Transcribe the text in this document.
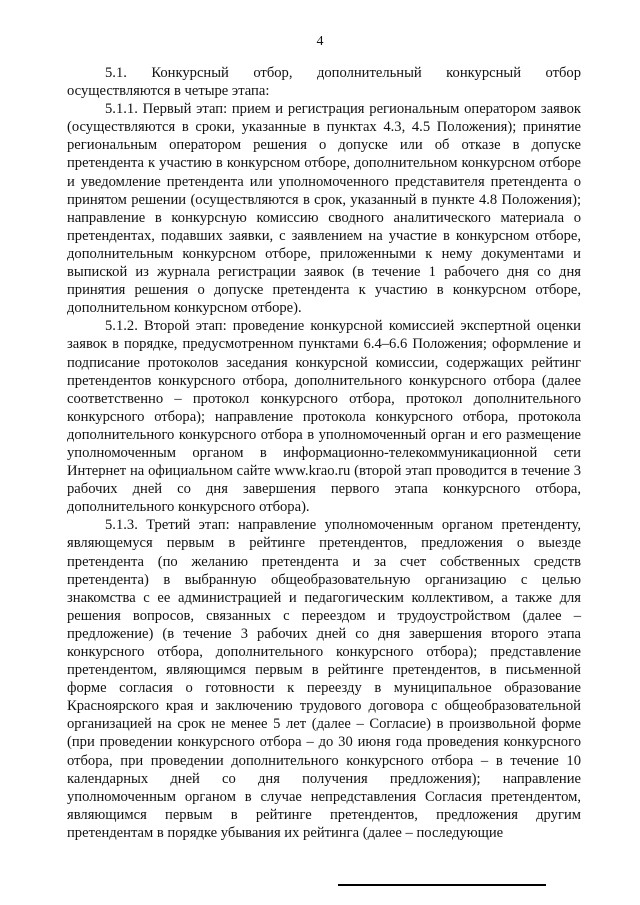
4

5.1. Конкурсный отбор, дополнительный конкурсный отбор осуществляются в четыре этапа:

5.1.1. Первый этап: прием и регистрация региональным оператором заявок (осуществляются в сроки, указанные в пунктах 4.3, 4.5 Положения); принятие региональным оператором решения о допуске или об отказе в допуске претендента к участию в конкурсном отборе, дополнительном конкурсном отборе и уведомление претендента или уполномоченного представителя претендента о принятом решении (осуществляются в срок, указанный в пункте 4.8 Положения); направление в конкурсную комиссию сводного аналитического материала о претендентах, подавших заявки, с заявлением на участие в конкурсном отборе, дополнительным конкурсном отборе, приложенными к нему документами и выпиской из журнала регистрации заявок (в течение 1 рабочего дня со дня принятия решения о допуске претендента к участию в конкурсном отборе, дополнительном конкурсном отборе).

5.1.2. Второй этап: проведение конкурсной комиссией экспертной оценки заявок в порядке, предусмотренном пунктами 6.4–6.6 Положения; оформление и подписание протоколов заседания конкурсной комиссии, содержащих рейтинг претендентов конкурсного отбора, дополнительного конкурсного отбора (далее соответственно – протокол конкурсного отбора, протокол дополнительного конкурсного отбора); направление протокола конкурсного отбора, протокола дополнительного конкурсного отбора в уполномоченный орган и его размещение уполномоченным органом в информационно-телекоммуникационной сети Интернет на официальном сайте www.krao.ru (второй этап проводится в течение 3 рабочих дней со дня завершения первого этапа конкурсного отбора, дополнительного конкурсного отбора).

5.1.3. Третий этап: направление уполномоченным органом претенденту, являющемуся первым в рейтинге претендентов, предложения о выезде претендента (по желанию претендента и за счет собственных средств претендента) в выбранную общеобразовательную организацию с целью знакомства с ее администрацией и педагогическим коллективом, а также для решения вопросов, связанных с переездом и трудоустройством (далее – предложение) (в течение 3 рабочих дней со дня завершения второго этапа конкурсного отбора, дополнительного конкурсного отбора); представление претендентом, являющимся первым в рейтинге претендентов, в письменной форме согласия о готовности к переезду в муниципальное образование Красноярского края и заключению трудового договора с общеобразовательной организацией на срок не менее 5 лет (далее – Согласие) в произвольной форме (при проведении конкурсного отбора – до 30 июня года проведения конкурсного отбора, при проведении дополнительного конкурсного отбора – в течение 10 календарных дней со дня получения предложения); направление уполномоченным органом в случае непредставления Согласия претендентом, являющимся первым в рейтинге претендентов, предложения другим претендентам в порядке убывания их рейтинга (далее – последующие
